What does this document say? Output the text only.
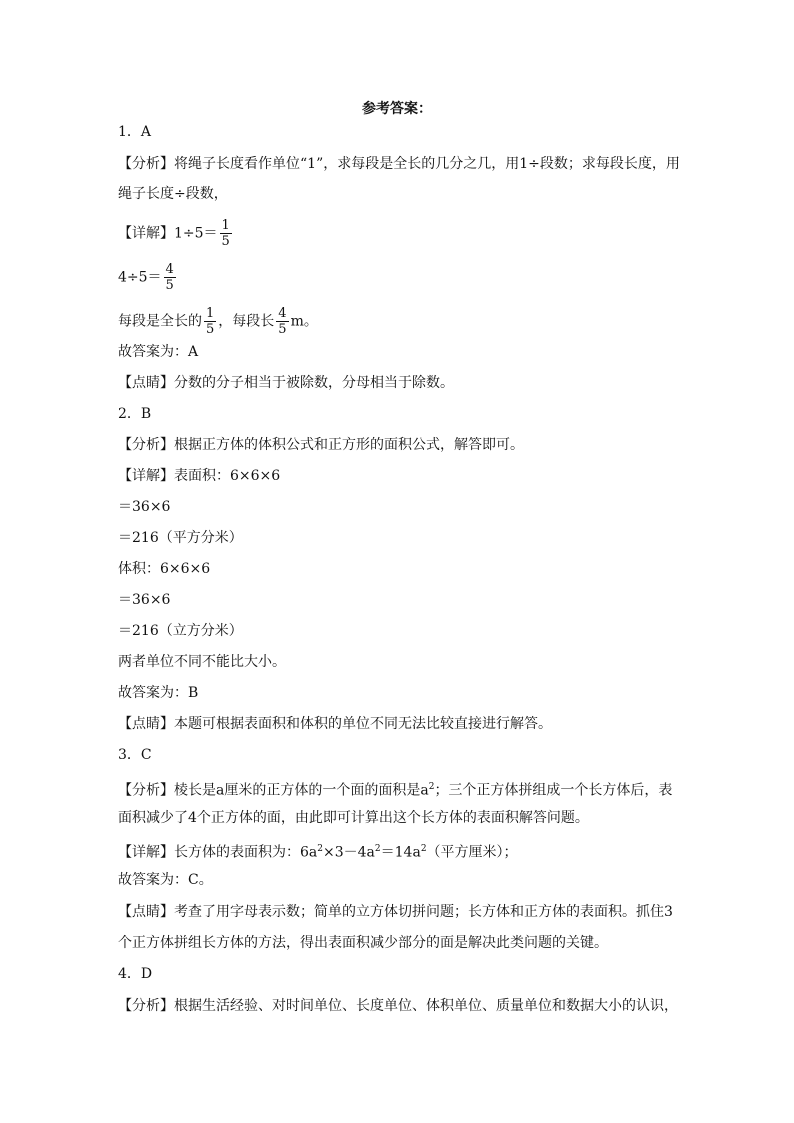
参考答案：
1．A
【分析】将绳子长度看作单位“1”，求每段是全长的几分之几，用1÷段数；求每段长度，用
绳子长度÷段数，
【详解】$1\div 5= \frac{1}{5}$
$4\div 5= \frac{4}{5}$
每段是全长的 $\frac{1}{5}$ ，每段长 $\frac{4}{5}$ m。
故答案为：A
【点睛】分数的分子相当于被除数，分母相当于除数。
2．B
【分析】根据正方体的体积公式和正方形的面积公式，解答即可。
【详解】表面积：6×6×6
＝36×6
＝216（平方分米）
体积：6×6×6
＝36×6
＝216（立方分米）
两者单位不同不能比大小。
故答案为：B
【点睛】本题可根据表面积和体积的单位不同无法比较直接进行解答。
3．C
【分析】棱长是a厘米的正方体的一个面的面积是$a^2$；三个正方体拼组成一个长方体后，表
面积减少了4个正方体的面，由此即可计算出这个长方体的表面积解答问题。
【详解】长方体的表面积为：$6a^2\times 3-4a^2=14a^2$（平方厘米）；
故答案为：C。
【点睛】考查了用字母表示数；简单的立方体切拼问题；长方体和正方体的表面积。抓住3
个正方体拼组长方体的方法，得出表面积减少部分的面是解决此类问题的关键。
4．D
【分析】根据生活经验、对时间单位、长度单位、体积单位、质量单位和数据大小的认识，
